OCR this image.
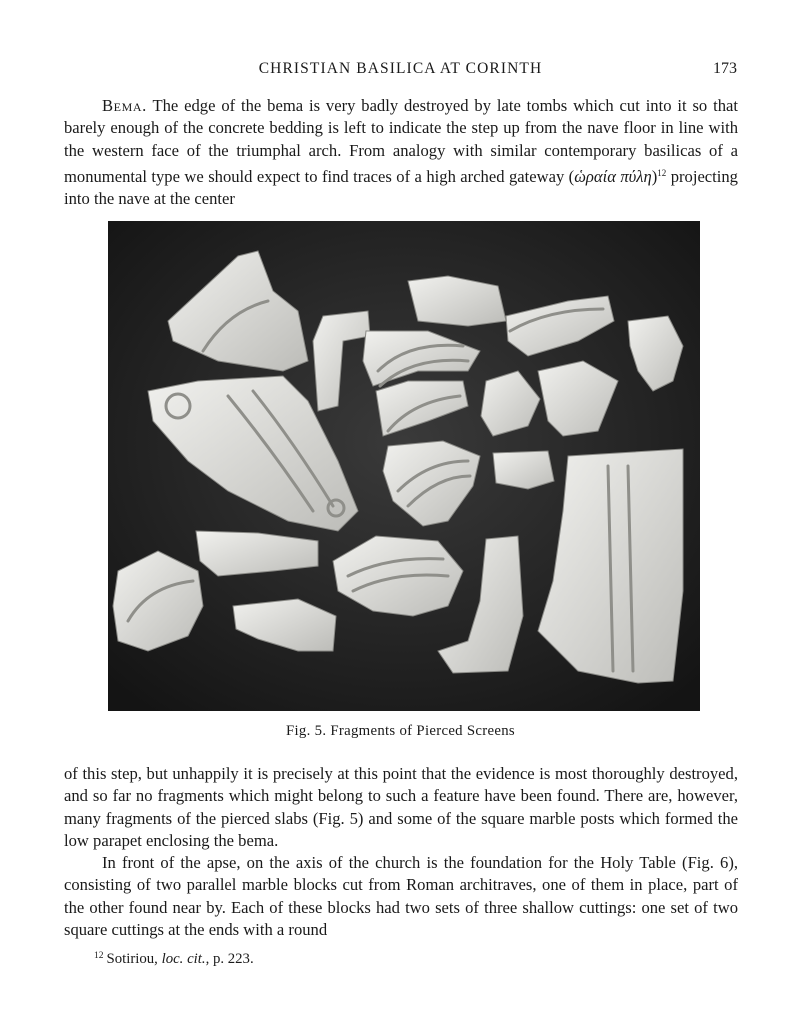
CHRISTIAN BASILICA AT CORINTH	173

Bema. The edge of the bema is very badly destroyed by late tombs which cut into it so that barely enough of the concrete bedding is left to indicate the step up from the nave floor in line with the western face of the triumphal arch. From analogy with similar contemporary basilicas of a monumental type we should expect to find traces of a high arched gateway (ὡραία πύλη)$^{12}$ projecting into the nave at the center

Fig. 5. Fragments of Pierced Screens

of this step, but unhappily it is precisely at this point that the evidence is most thoroughly destroyed, and so far no fragments which might belong to such a feature have been found. There are, however, many fragments of the pierced slabs (Fig. 5) and some of the square marble posts which formed the low parapet enclosing the bema.

In front of the apse, on the axis of the church is the foundation for the Holy Table (Fig. 6), consisting of two parallel marble blocks cut from Roman architraves, one of them in place, part of the other found near by. Each of these blocks had two sets of three shallow cuttings: one set of two square cuttings at the ends with a round

$^{12}$ Sotiriou, loc. cit., p. 223.
